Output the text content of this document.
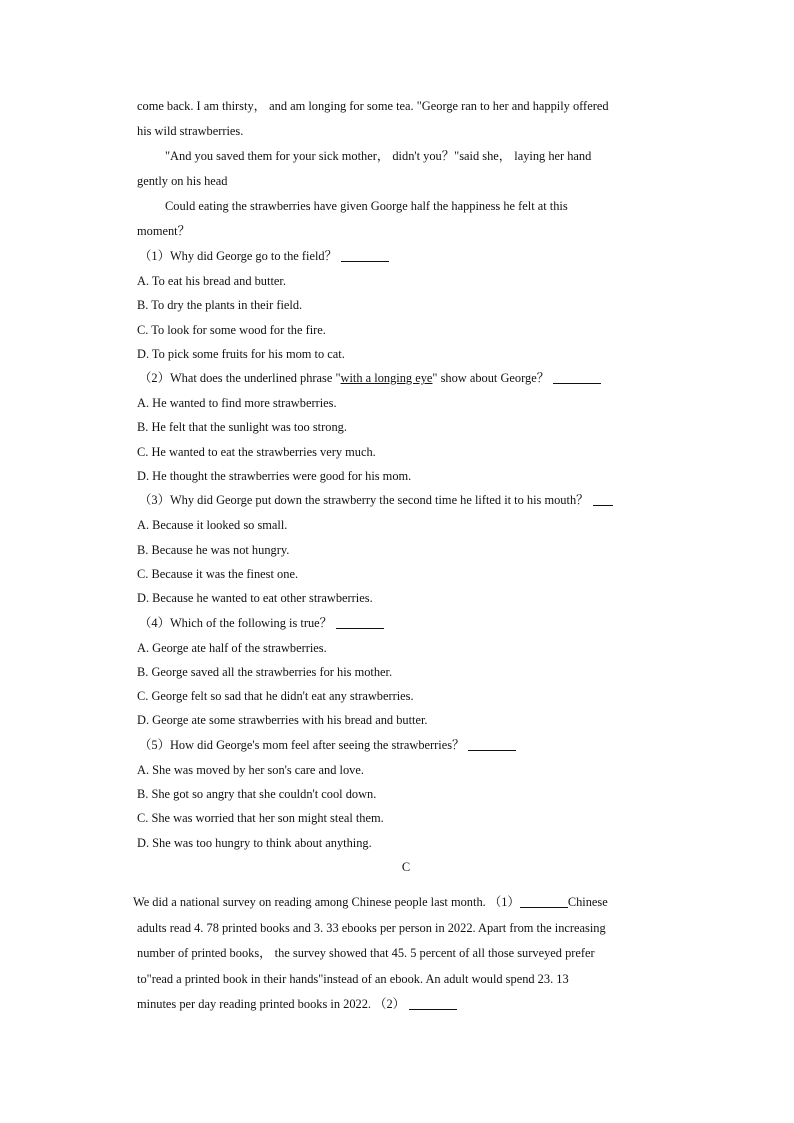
come back. I am thirsty， and am longing for some tea. "George ran to her and happily offered

his wild strawberries.

"And you saved them for your sick mother， didn't you？"said she， laying her hand

gently on his head

Could eating the strawberries have given Goorge half the happiness he felt at this

moment？

（1）Why did George go to the field？

A. To eat his bread and butter.

B. To dry the plants in their field.

C. To look for some wood for the fire.

D. To pick some fruits for his mom to cat.

（2）What does the underlined phrase "with a longing eye" show about George？

A. He wanted to find more strawberries.

B. He felt that the sunlight was too strong.

C. He wanted to eat the strawberries very much.

D. He thought the strawberries were good for his mom.

（3）Why did George put down the strawberry the second time he lifted it to his mouth？

A. Because it looked so small.

B. Because he was not hungry.

C. Because it was the finest one.

D. Because he wanted to eat other strawberries.

（4）Which of the following is true？

A. George ate half of the strawberries.

B. George saved all the strawberries for his mother.

C. George felt so sad that he didn't eat any strawberries.

D. George ate some strawberries with his bread and butter.

（5）How did George's mom feel after seeing the strawberries？

A. She was moved by her son's care and love.

B. She got so angry that she couldn't cool down.

C. She was worried that her son might steal them.

D. She was too hungry to think about anything.

C

We did a national survey on reading among Chinese people last month. （1）	Chinese

adults read 4. 78 printed books and 3. 33 ebooks per person in 2022. Apart from the increasing

number of printed books， the survey showed that 45. 5 percent of all those surveyed prefer

to"read a printed book in their hands"instead of an ebook. An adult would spend 23. 13

minutes per day reading printed books in 2022. （2）
